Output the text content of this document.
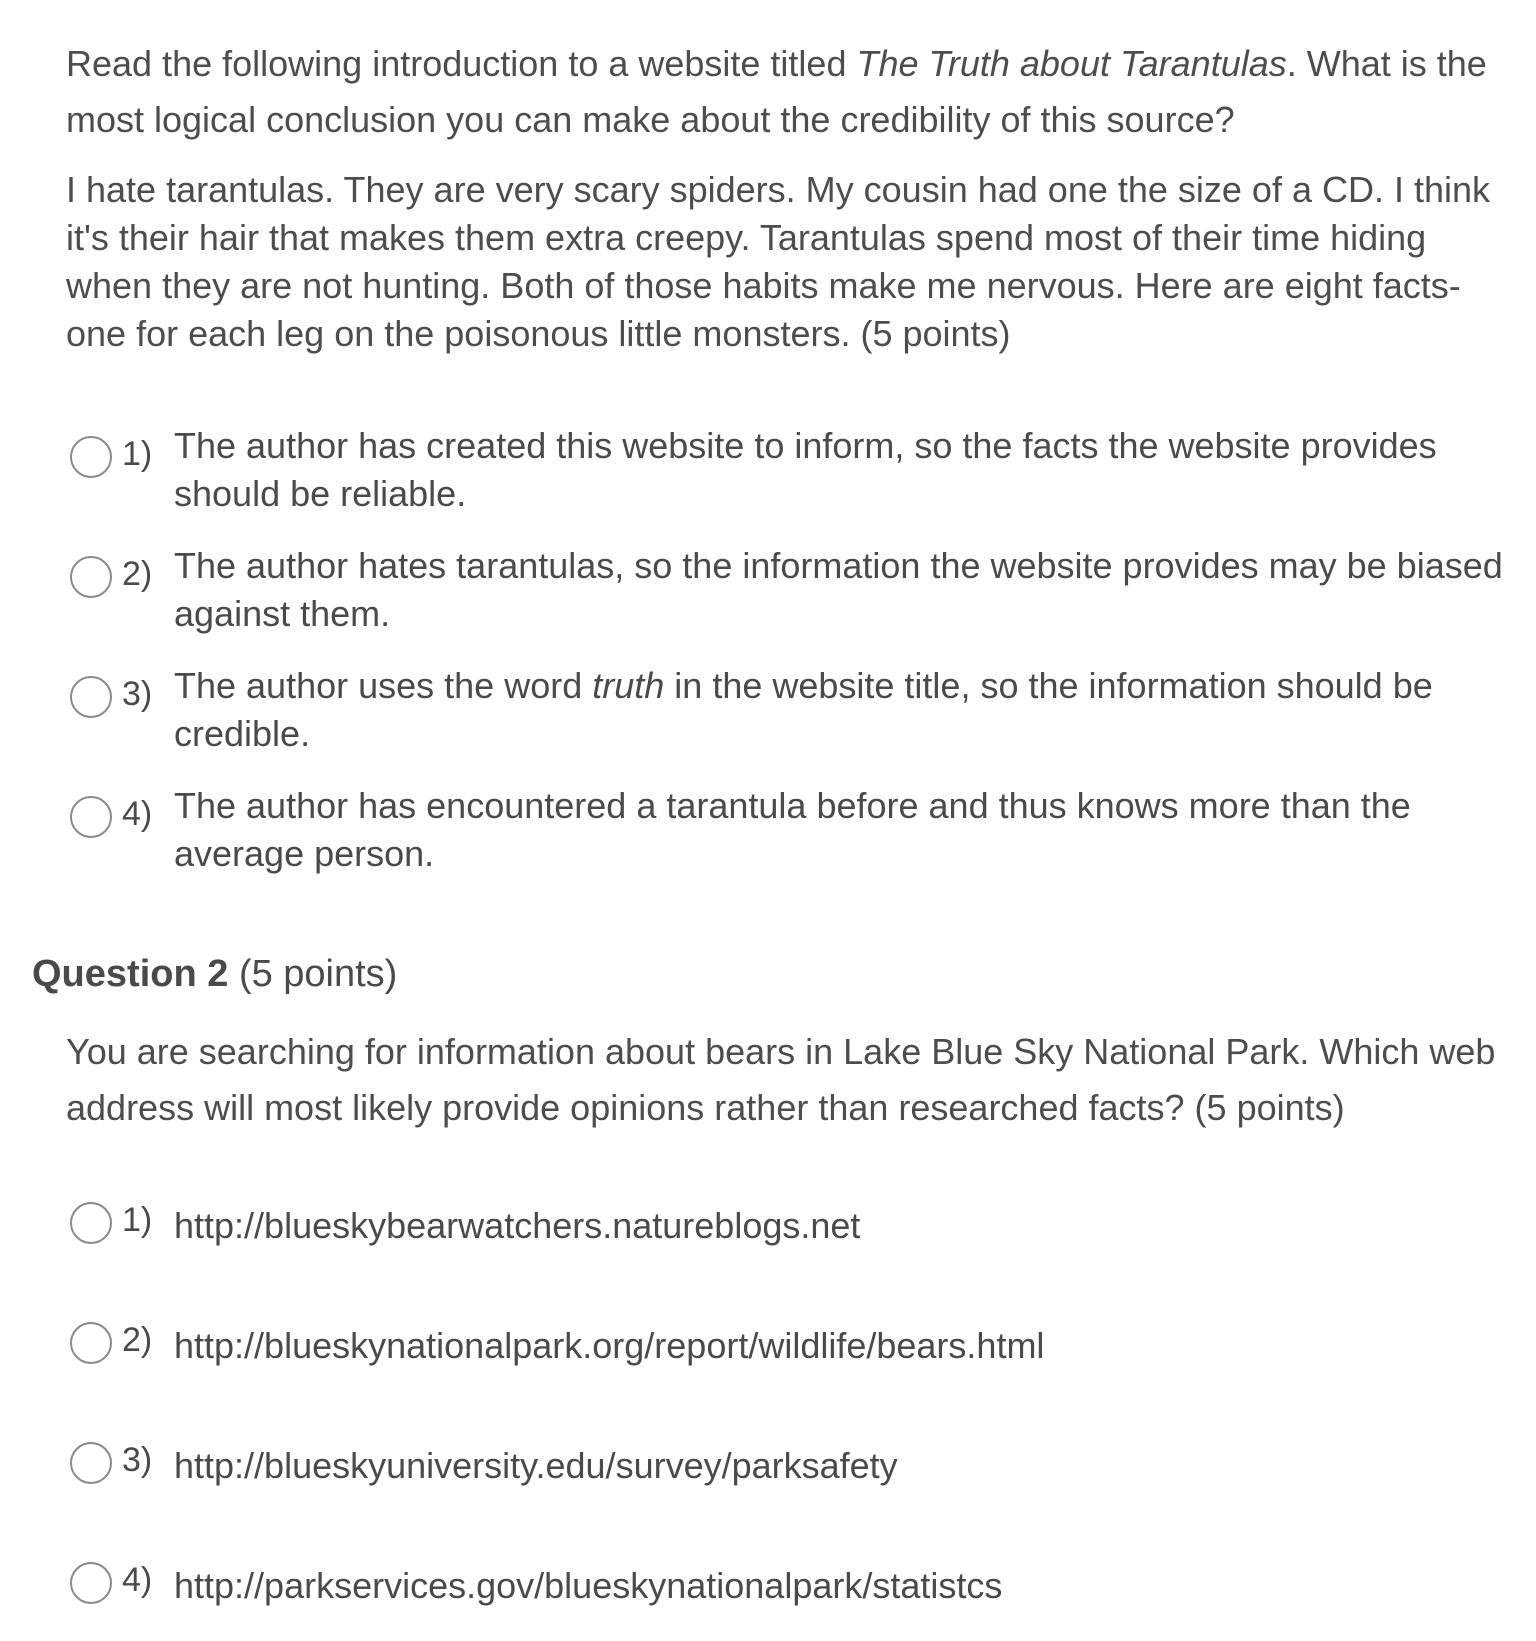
Read the following introduction to a website titled The Truth about Tarantulas. What is the most logical conclusion you can make about the credibility of this source?

I hate tarantulas. They are very scary spiders. My cousin had one the size of a CD. I think it's their hair that makes them extra creepy. Tarantulas spend most of their time hiding when they are not hunting. Both of those habits make me nervous. Here are eight facts-one for each leg on the poisonous little monsters. (5 points)

1) The author has created this website to inform, so the facts the website provides should be reliable.
2) The author hates tarantulas, so the information the website provides may be biased against them.
3) The author uses the word truth in the website title, so the information should be credible.
4) The author has encountered a tarantula before and thus knows more than the average person.
Question 2 (5 points)

You are searching for information about bears in Lake Blue Sky National Park. Which web address will most likely provide opinions rather than researched facts? (5 points)

1) http://blueskybearwatchers.natureblogs.net
2) http://blueskynationalpark.org/report/wildlife/bears.html
3) http://blueskyuniversity.edu/survey/parksafety
4) http://parkservices.gov/blueskynationalpark/statistcs
